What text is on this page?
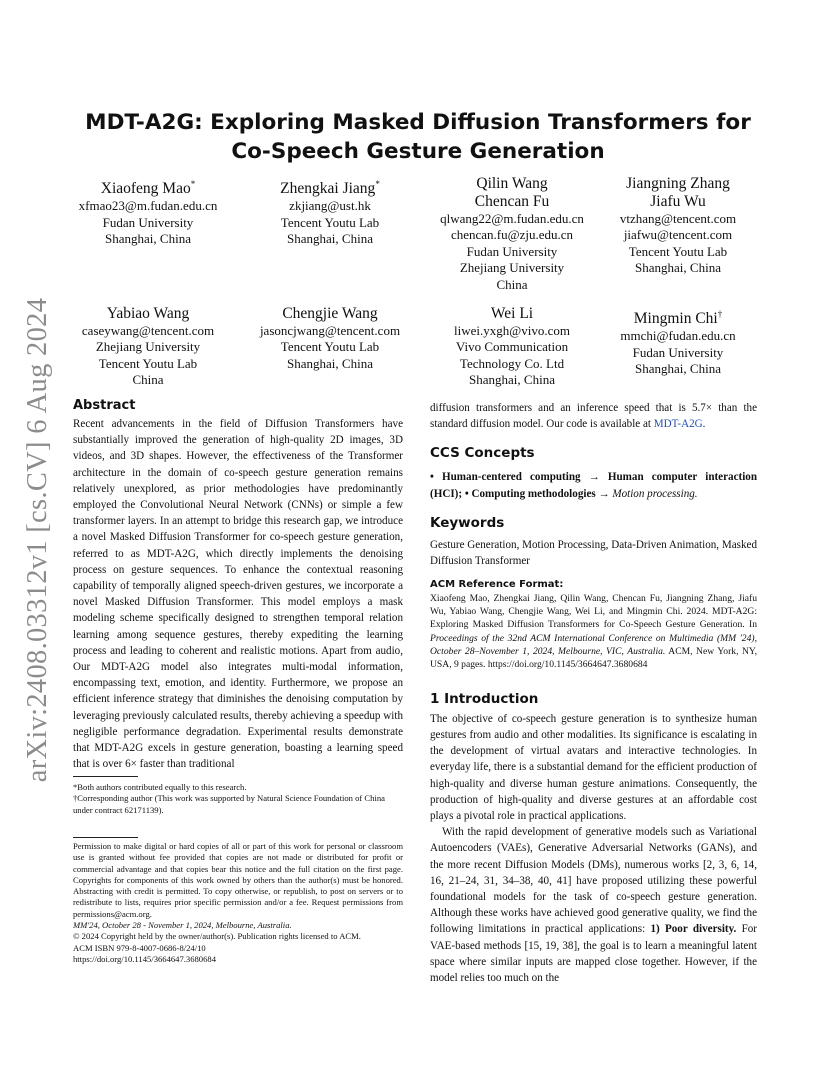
arXiv:2408.03312v1 [cs.CV] 6 Aug 2024
MDT-A2G: Exploring Masked Diffusion Transformers for
Co-Speech Gesture Generation
Xiaofeng Mao*
xfmao23@m.fudan.edu.cn
Fudan University
Shanghai, China
Zhengkai Jiang*
zkjiang@ust.hk
Tencent Youtu Lab
Shanghai, China
Qilin Wang
Chencan Fu
qlwang22@m.fudan.edu.cn
chencan.fu@zju.edu.cn
Fudan University
Zhejiang University
China
Jiangning Zhang
Jiafu Wu
vtzhang@tencent.com
jiafwu@tencent.com
Tencent Youtu Lab
Shanghai, China
Yabiao Wang
caseywang@tencent.com
Zhejiang University
Tencent Youtu Lab
China
Chengjie Wang
jasoncjwang@tencent.com
Tencent Youtu Lab
Shanghai, China
Wei Li
liwei.yxgh@vivo.com
Vivo Communication
Technology Co. Ltd
Shanghai, China
Mingmin Chi†
mmchi@fudan.edu.cn
Fudan University
Shanghai, China
Abstract
Recent advancements in the field of Diffusion Transformers have substantially improved the generation of high-quality 2D images, 3D videos, and 3D shapes. However, the effectiveness of the Transformer architecture in the domain of co-speech gesture generation remains relatively unexplored, as prior methodologies have predominantly employed the Convolutional Neural Network (CNNs) or simple a few transformer layers. In an attempt to bridge this research gap, we introduce a novel Masked Diffusion Transformer for co-speech gesture generation, referred to as MDT-A2G, which directly implements the denoising process on gesture sequences. To enhance the contextual reasoning capability of temporally aligned speech-driven gestures, we incorporate a novel Masked Diffusion Transformer. This model employs a mask modeling scheme specifically designed to strengthen temporal relation learning among sequence gestures, thereby expediting the learning process and leading to coherent and realistic motions. Apart from audio, Our MDT-A2G model also integrates multi-modal information, encompassing text, emotion, and identity. Furthermore, we propose an efficient inference strategy that diminishes the denoising computation by leveraging previously calculated results, thereby achieving a speedup with negligible performance degradation. Experimental results demonstrate that MDT-A2G excels in gesture generation, boasting a learning speed that is over 6× faster than traditional
*Both authors contributed equally to this research.
†Corresponding author (This work was supported by Natural Science Foundation of China under contract 62171139).
Permission to make digital or hard copies of all or part of this work for personal or classroom use is granted without fee provided that copies are not made or distributed for profit or commercial advantage and that copies bear this notice and the full citation on the first page. Copyrights for components of this work owned by others than the author(s) must be honored. Abstracting with credit is permitted. To copy otherwise, or republish, to post on servers or to redistribute to lists, requires prior specific permission and/or a fee. Request permissions from permissions@acm.org.
MM'24, October 28 - November 1, 2024, Melbourne, Australia.
© 2024 Copyright held by the owner/author(s). Publication rights licensed to ACM.
ACM ISBN 979-8-4007-0686-8/24/10
https://doi.org/10.1145/3664647.3680684
diffusion transformers and an inference speed that is 5.7× than the standard diffusion model. Our code is available at MDT-A2G.
CCS Concepts
• Human-centered computing → Human computer interaction (HCI); • Computing methodologies → Motion processing.
Keywords
Gesture Generation, Motion Processing, Data-Driven Animation, Masked Diffusion Transformer
ACM Reference Format:
Xiaofeng Mao, Zhengkai Jiang, Qilin Wang, Chencan Fu, Jiangning Zhang, Jiafu Wu, Yabiao Wang, Chengjie Wang, Wei Li, and Mingmin Chi. 2024. MDT-A2G: Exploring Masked Diffusion Transformers for Co-Speech Gesture Generation. In Proceedings of the 32nd ACM International Conference on Multimedia (MM '24), October 28–November 1, 2024, Melbourne, VIC, Australia. ACM, New York, NY, USA, 9 pages. https://doi.org/10.1145/3664647.3680684
1 Introduction
The objective of co-speech gesture generation is to synthesize human gestures from audio and other modalities. Its significance is escalating in the development of virtual avatars and interactive technologies. In everyday life, there is a substantial demand for the efficient production of high-quality and diverse human gesture animations. Consequently, the production of high-quality and diverse gestures at an affordable cost plays a pivotal role in practical applications.
With the rapid development of generative models such as Variational Autoencoders (VAEs), Generative Adversarial Networks (GANs), and the more recent Diffusion Models (DMs), numerous works [2, 3, 6, 14, 16, 21–24, 31, 34–38, 40, 41] have proposed utilizing these powerful foundational models for the task of co-speech gesture generation. Although these works have achieved good generative quality, we find the following limitations in practical applications: 1) Poor diversity. For VAE-based methods [15, 19, 38], the goal is to learn a meaningful latent space where similar inputs are mapped close together. However, if the model relies too much on the
